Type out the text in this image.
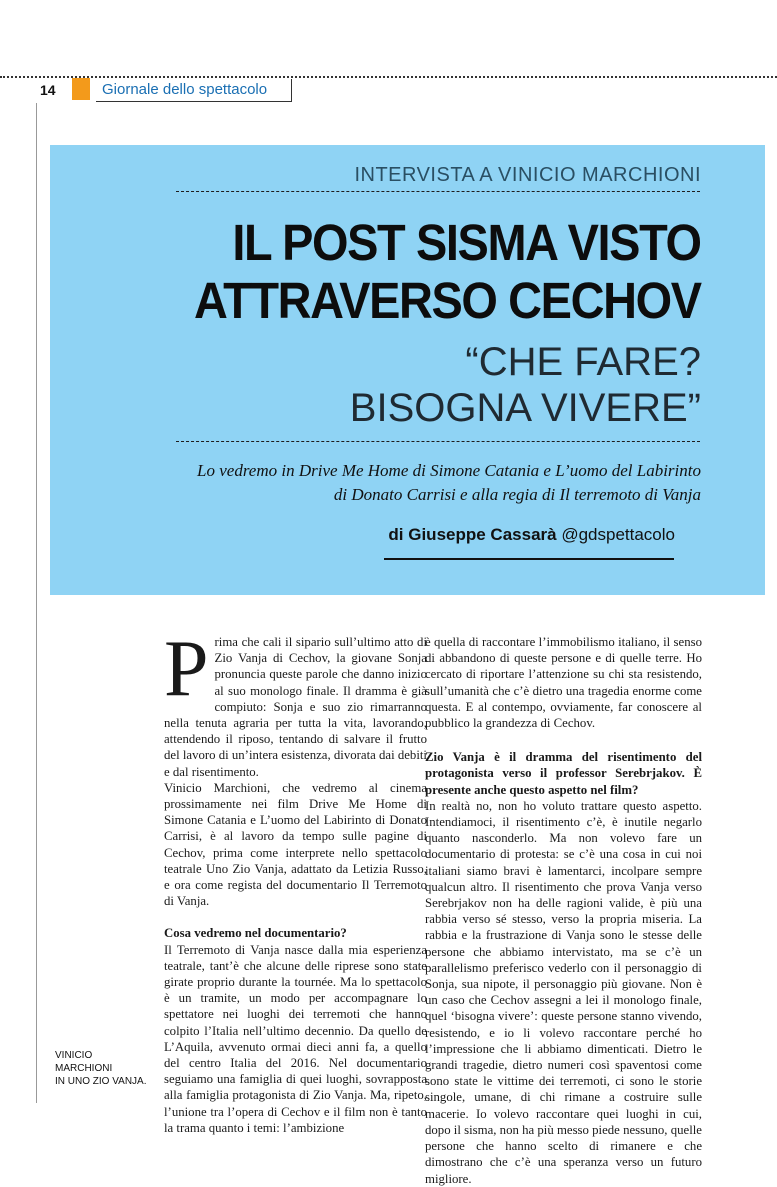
14	Giornale dello spettacolo
INTERVISTA A VINICIO MARCHIONI
IL POST SISMA VISTO
ATTRAVERSO CECHOV
“CHE FARE?
BISOGNA VIVERE”
Lo vedremo in Drive Me Home di Simone Catania e L’uomo del Labirinto
di Donato Carrisi e alla regia di Il terremoto di Vanja
di Giuseppe Cassarà @gdspettacolo
P rima che cali il sipario sull’ultimo atto di Zio Vanja di Cechov, la giovane Sonja pronuncia queste parole che danno inizio al suo monologo finale. Il dramma è già compiuto: Sonja e suo zio rimarranno nella tenuta agraria per tutta la vita, lavorando, attendendo il riposo, tentando di salvare il frutto del lavoro di un’intera esistenza, divorata dai debiti e dal risentimento.

Vinicio Marchioni, che vedremo al cinema prossimamente nei film Drive Me Home di Simone Catania e L’uomo del Labirinto di Donato Carrisi, è al lavoro da tempo sulle pagine di Cechov, prima come interprete nello spettacolo teatrale Uno Zio Vanja, adattato da Letizia Russo, e ora come regista del documentario Il Terremoto di Vanja.

Cosa vedremo nel documentario?

Il Terremoto di Vanja nasce dalla mia esperienza teatrale, tant’è che alcune delle riprese sono state girate proprio durante la tournée. Ma lo spettacolo è un tramite, un modo per accompagnare lo spettatore nei luoghi dei terremoti che hanno colpito l’Italia nell’ultimo decennio. Da quello de L’Aquila, avvenuto ormai dieci anni fa, a quello del centro Italia del 2016. Nel documentario seguiamo una famiglia di quei luoghi, sovrapposta alla famiglia protagonista di Zio Vanja. Ma, ripeto, l’unione tra l’opera di Cechov e il film non è tanto la trama quanto i temi: l’ambizione

è quella di raccontare l’immobilismo italiano, il senso di abbandono di queste persone e di quelle terre. Ho cercato di riportare l’attenzione su chi sta resistendo, sull’umanità che c’è dietro una tragedia enorme come questa. E al contempo, ovviamente, far conoscere al pubblico la grandezza di Cechov.

Zio Vanja è il dramma del risentimento del protagonista verso il professor Serebrjakov. È presente anche questo aspetto nel film?

In realtà no, non ho voluto trattare questo aspetto. Intendiamoci, il risentimento c’è, è inutile negarlo quanto nasconderlo. Ma non volevo fare un documentario di protesta: se c’è una cosa in cui noi italiani siamo bravi è lamentarci, incolpare sempre qualcun altro. Il risentimento che prova Vanja verso Serebrjakov non ha delle ragioni valide, è più una rabbia verso sé stesso, verso la propria miseria. La rabbia e la frustrazione di Vanja sono le stesse delle persone che abbiamo intervistato, ma se c’è un parallelismo preferisco vederlo con il personaggio di Sonja, sua nipote, il personaggio più giovane. Non è un caso che Cechov assegni a lei il monologo finale, quel ‘bisogna vivere’: queste persone stanno vivendo, resistendo, e io li volevo raccontare perché ho l’impressione che li abbiamo dimenticati. Dietro le grandi tragedie, dietro numeri così spaventosi come sono state le vittime dei terremoti, ci sono le storie singole, umane, di chi rimane a costruire sulle macerie. Io volevo raccontare quei luoghi in cui, dopo il sisma, non ha più messo piede nessuno, quelle persone che hanno scelto di rimanere e che dimostrano che c’è una speranza verso un futuro migliore.

VINICIO
MARCHIONI
IN UNO ZIO VANJA.
